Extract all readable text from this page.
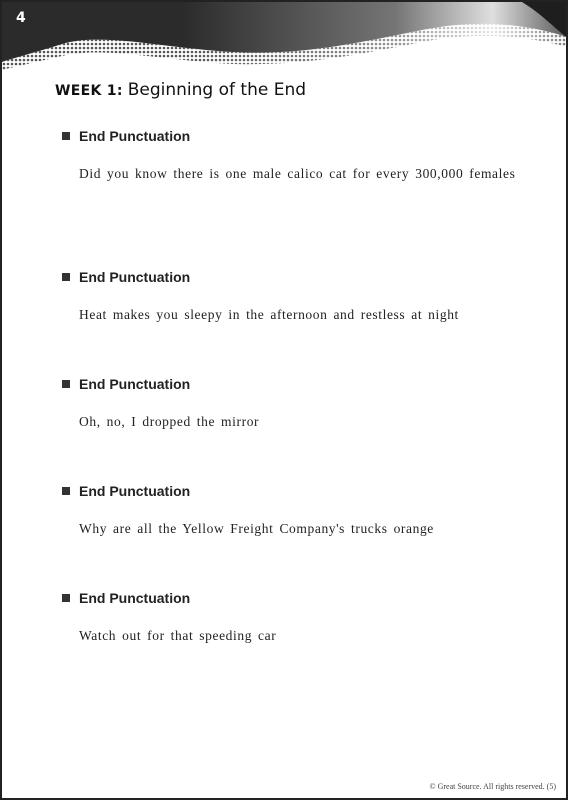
4
WEEK 1: Beginning of the End
End Punctuation
Did you know there is one male calico cat for every 300,000 females
End Punctuation
Heat makes you sleepy in the afternoon and restless at night
End Punctuation
Oh, no, I dropped the mirror
End Punctuation
Why are all the Yellow Freight Company's trucks orange
End Punctuation
Watch out for that speeding car
© Great Source. All rights reserved. (5)
